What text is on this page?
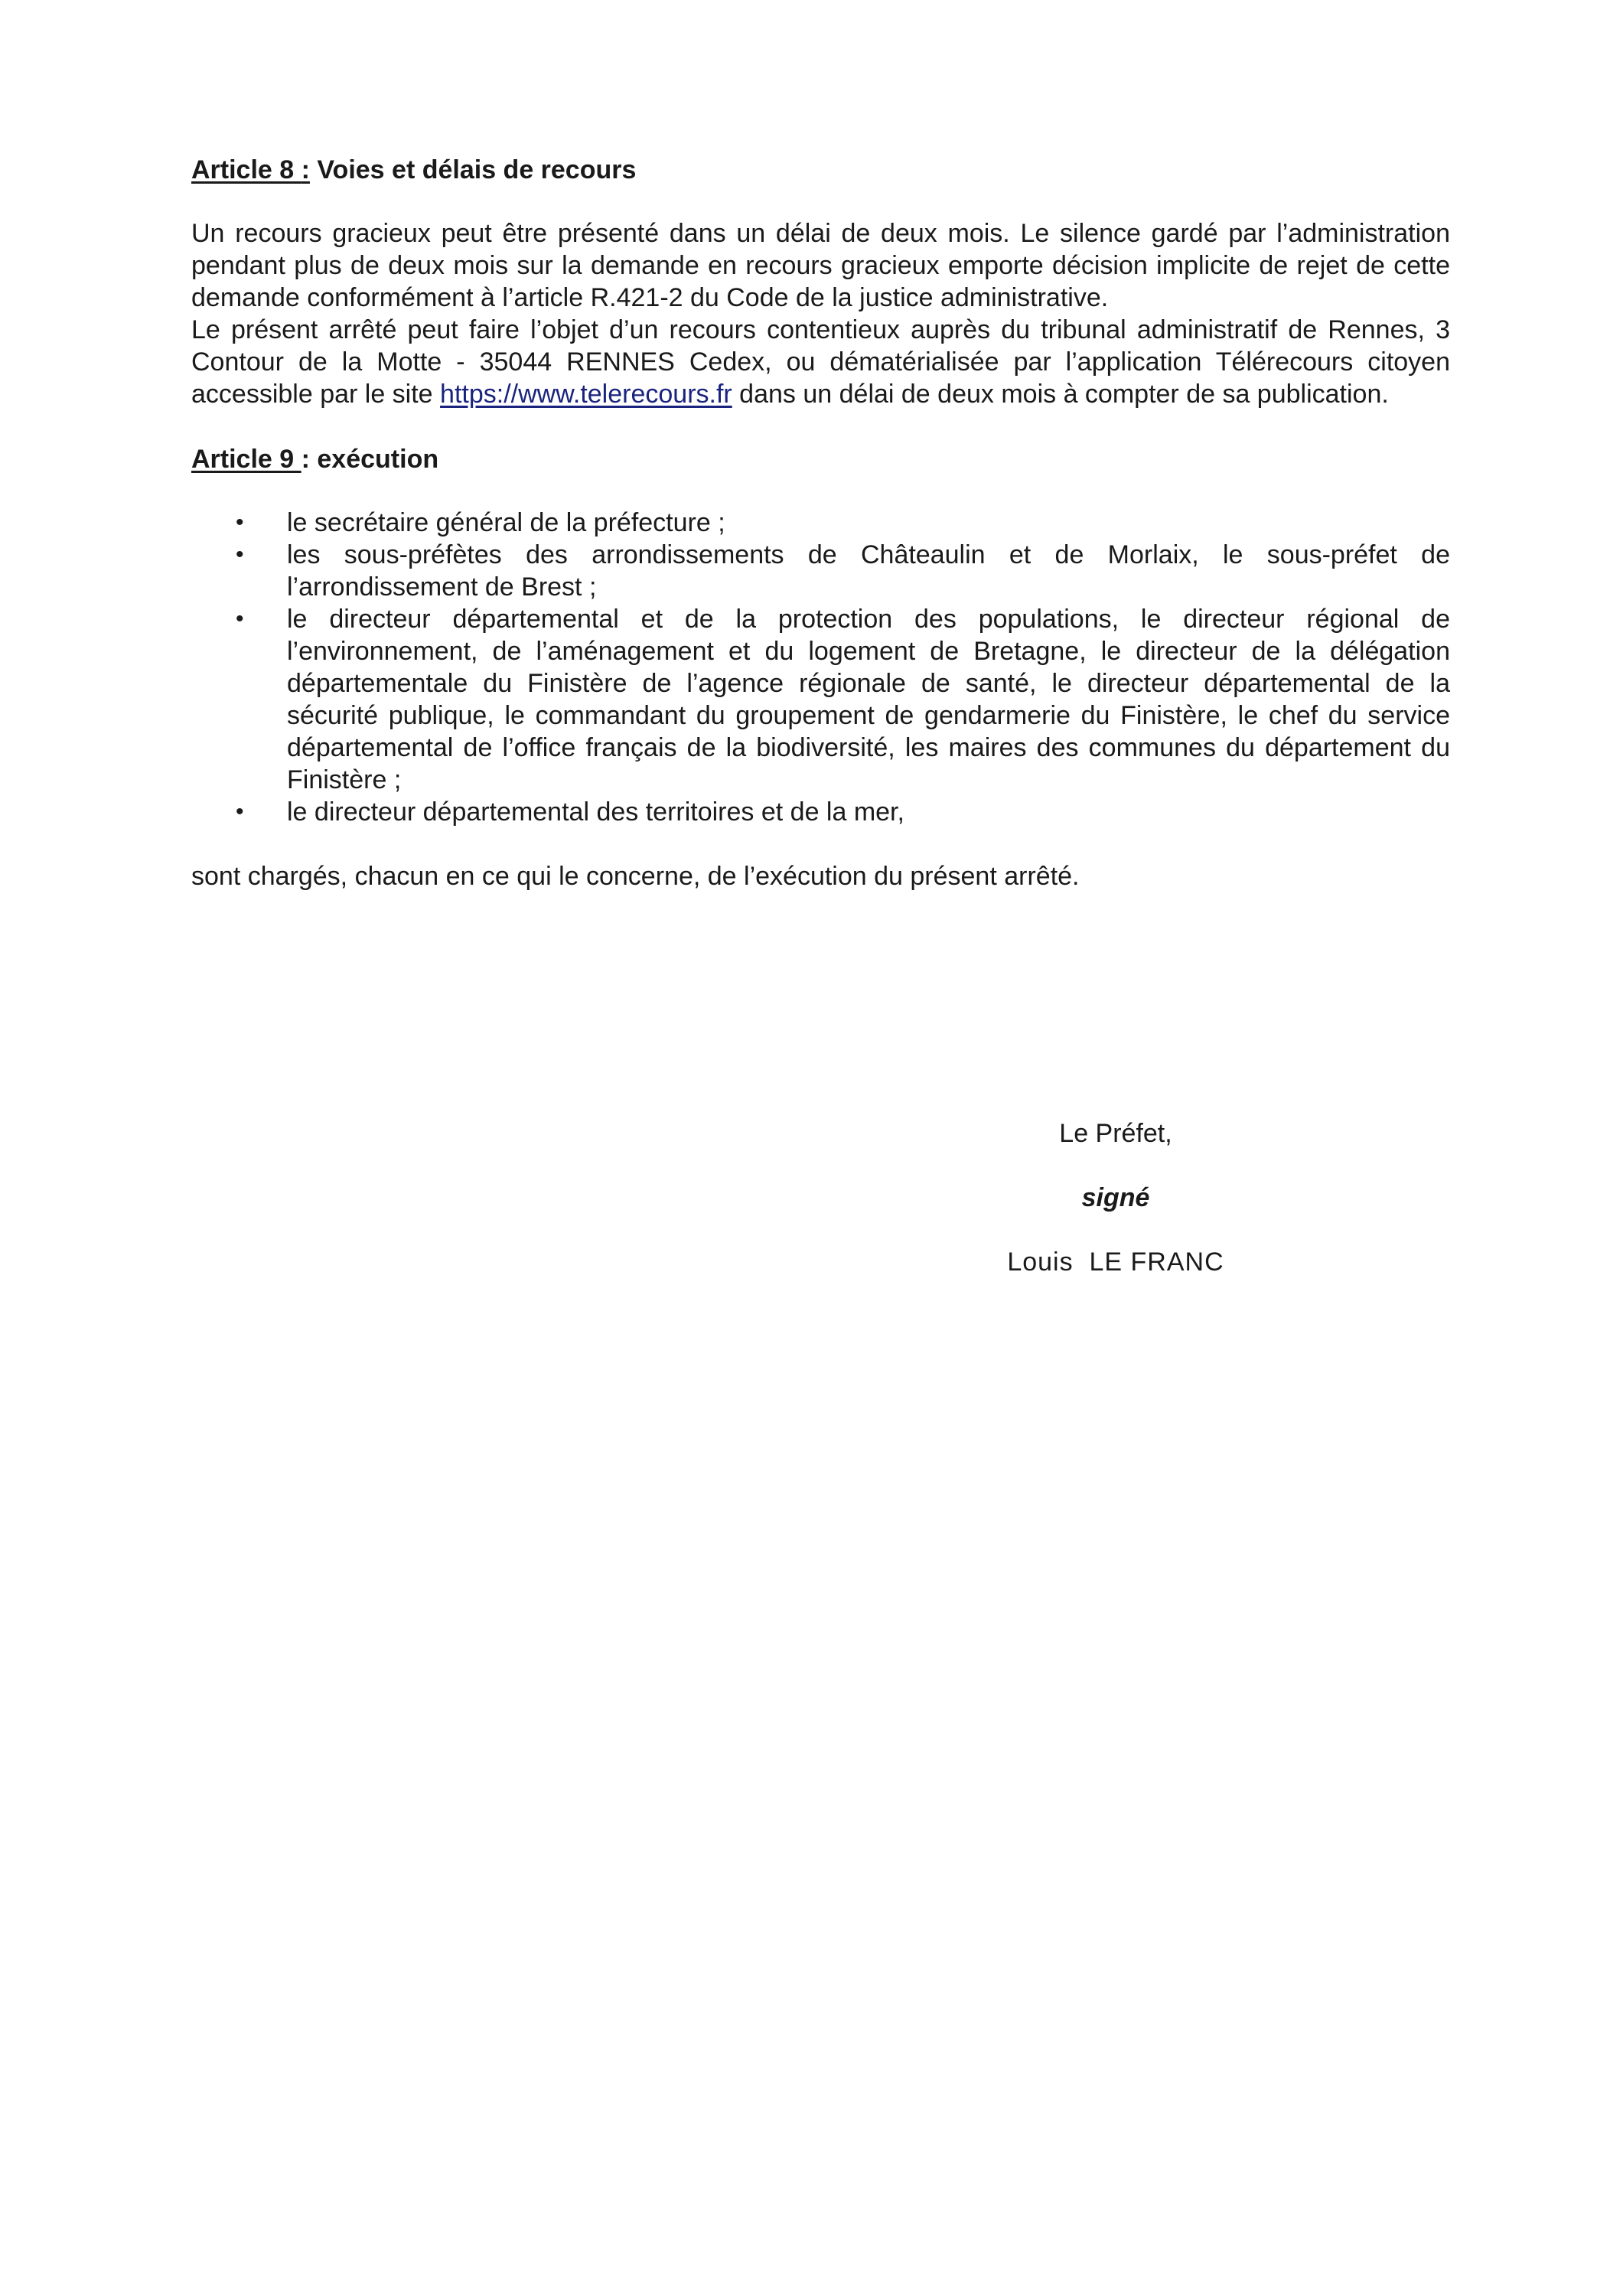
Article 8 : Voies et délais de recours

Un recours gracieux peut être présenté dans un délai de deux mois. Le silence gardé par l’administration pendant plus de deux mois sur la demande en recours gracieux emporte décision implicite de rejet de cette demande conformément à l’article R.421-2 du Code de la justice administrative.

Le présent arrêté peut faire l’objet d’un recours contentieux auprès du tribunal administratif de Rennes, 3 Contour de la Motte - 35044 RENNES Cedex, ou dématérialisée par l’application Télérecours citoyen accessible par le site https://www.telerecours.fr dans un délai de deux mois à compter de sa publication.

Article 9 : exécution
• le secrétaire général de la préfecture ;
• les sous-préfètes des arrondissements de Châteaulin et de Morlaix, le sous-préfet de l’arrondissement de Brest ;
• le directeur départemental et de la protection des populations, le directeur régional de l’environnement, de l’aménagement et du logement de Bretagne, le directeur de la délégation départementale du Finistère de l’agence régionale de santé, le directeur départemental de la sécurité publique, le commandant du groupement de gendarmerie du Finistère, le chef du service départemental de l’office français de la biodiversité, les maires des communes du département du Finistère ;
• le directeur départemental des territoires et de la mer,

sont chargés, chacun en ce qui le concerne, de l’exécution du présent arrêté.

Le Préfet,

signé

Louis  LE FRANC
